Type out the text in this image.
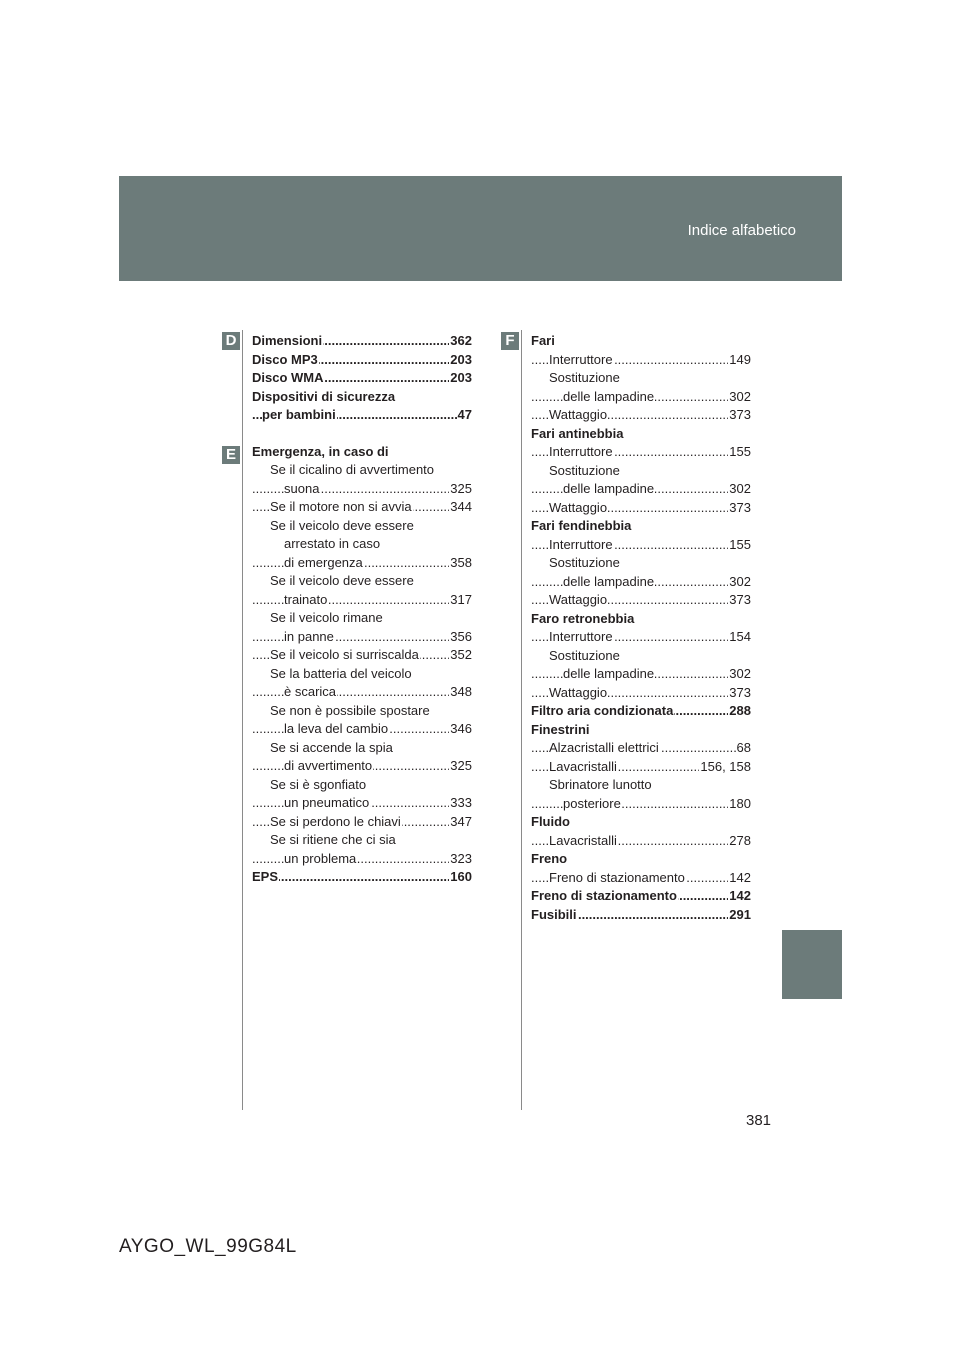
Indice alfabetico
D
E
F
..... Dimensioni	362
..... Disco MP3	203
..... Disco WMA	203
Dispositivi di sicurezza
..... per bambini	47
Emergenza, in caso di
Se il cicalino di avvertimento
..... suona	325
..... Se il motore non si avvia	344
Se il veicolo deve essere
arrestato in caso
..... di emergenza	358
Se il veicolo deve essere
..... trainato	317
Se il veicolo rimane
..... in panne	356
..... Se il veicolo si surriscalda 352
Se la batteria del veicolo
..... è scarica	348
Se non è possibile spostare
..... la leva del cambio	346
Se si accende la spia
..... di avvertimento	325
Se si è sgonfiato
..... un pneumatico	333
..... Se si perdono le chiavi	347
Se si ritiene che ci sia
..... un problema	323
..... EPS	160
Fari
..... Interruttore	149
Sostituzione
..... delle lampadine	302
..... Wattaggio	373
Fari antinebbia
..... Interruttore	155
Sostituzione
..... delle lampadine	302
..... Wattaggio	373
Fari fendinebbia
..... Interruttore	155
Sostituzione
..... delle lampadine	302
..... Wattaggio	373
Faro retronebbia
..... Interruttore	154
Sostituzione
..... delle lampadine	302
..... Wattaggio	373
..... Filtro aria condizionata	288
Finestrini
..... Alzacristalli elettrici	68
..... Lavacristalli	156, 158
Sbrinatore lunotto
..... posteriore	180
Fluido
..... Lavacristalli	278
Freno
..... Freno di stazionamento	142
..... Freno di stazionamento	142
..... Fusibili	291
381
AYGO_WL_99G84L
